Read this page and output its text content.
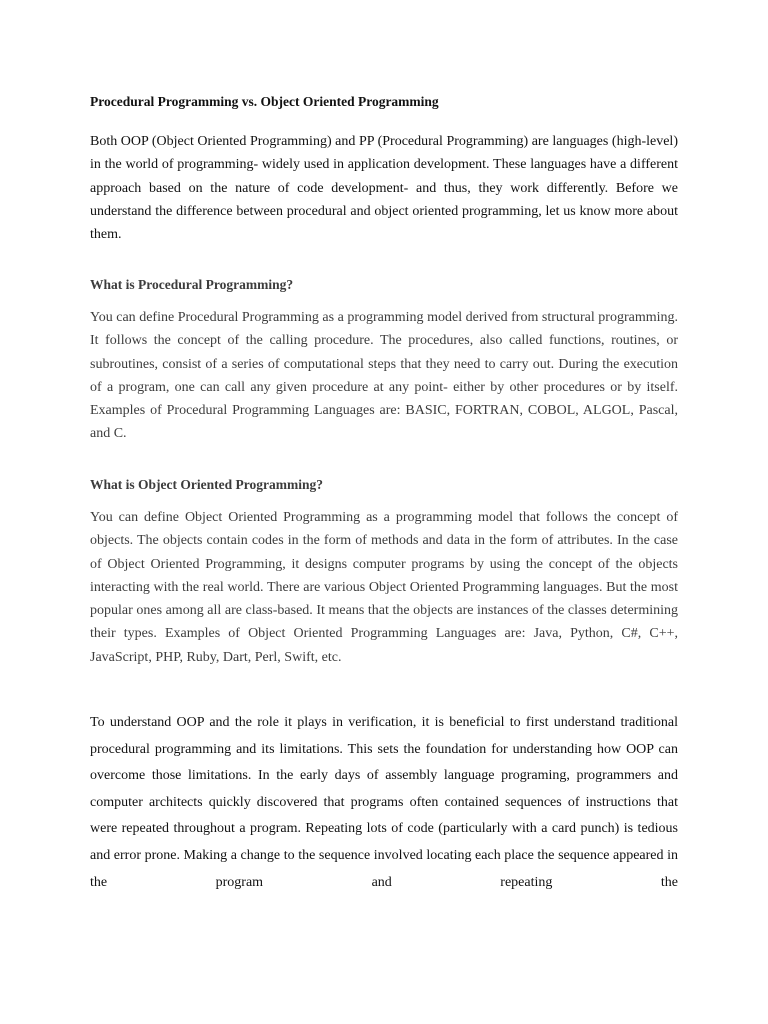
Procedural Programming vs. Object Oriented Programming

Both OOP (Object Oriented Programming) and PP (Procedural Programming) are languages (high-level) in the world of programming- widely used in application development. These languages have a different approach based on the nature of code development- and thus, they work differently. Before we understand the difference between procedural and object oriented programming, let us know more about them.

What is Procedural Programming?

You can define Procedural Programming as a programming model derived from structural programming. It follows the concept of the calling procedure. The procedures, also called functions, routines, or subroutines, consist of a series of computational steps that they need to carry out. During the execution of a program, one can call any given procedure at any point- either by other procedures or by itself. Examples of Procedural Programming Languages are: BASIC, FORTRAN, COBOL, ALGOL, Pascal, and C.

What is Object Oriented Programming?

You can define Object Oriented Programming as a programming model that follows the concept of objects. The objects contain codes in the form of methods and data in the form of attributes. In the case of Object Oriented Programming, it designs computer programs by using the concept of the objects interacting with the real world. There are various Object Oriented Programming languages. But the most popular ones among all are class-based. It means that the objects are instances of the classes determining their types. Examples of Object Oriented Programming Languages are: Java, Python, C#, C++, JavaScript, PHP, Ruby, Dart, Perl, Swift, etc.

To understand OOP and the role it plays in verification, it is beneficial to first understand traditional procedural programming and its limitations. This sets the foundation for understanding how OOP can overcome those limitations. In the early days of assembly language programing, programmers and computer architects quickly discovered that programs often contained sequences of instructions that were repeated throughout a program. Repeating lots of code (particularly with a card punch) is tedious and error prone. Making a change to the sequence involved locating each place the sequence appeared in the program and repeating the
